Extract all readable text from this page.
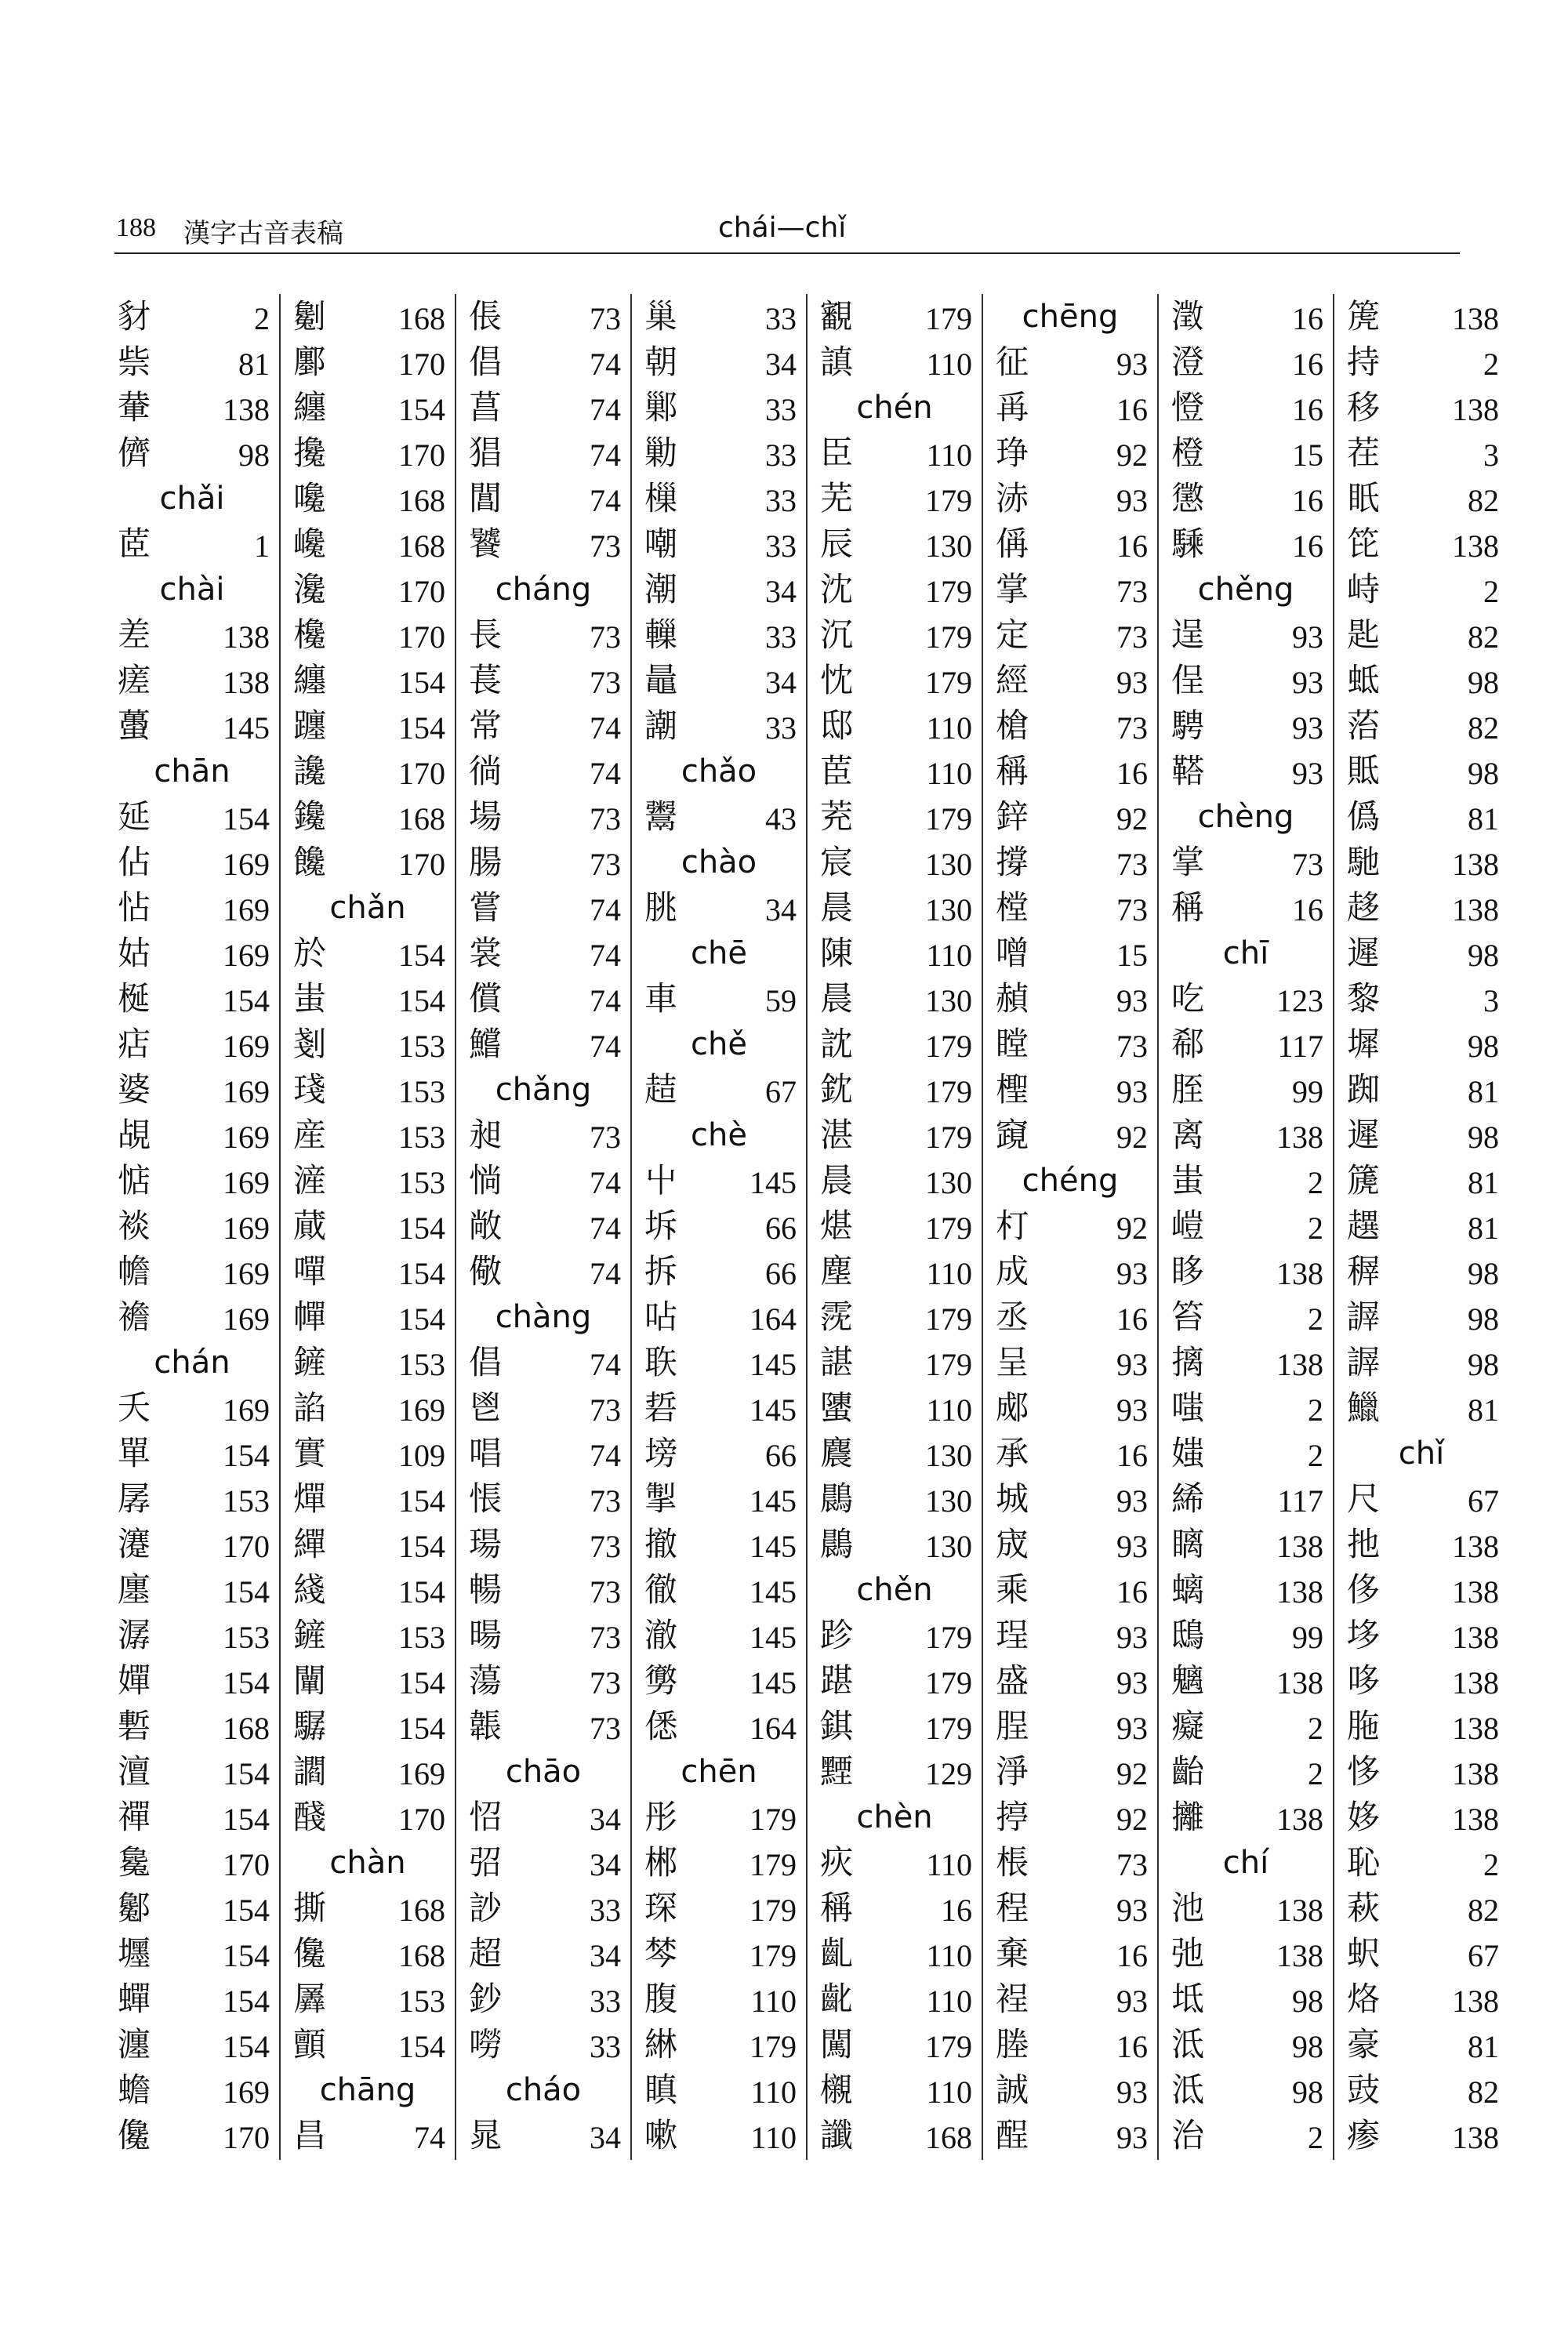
188 漢字古音表稿	chái—chǐ
豺	2
祡	81
輂 138
儕	98
chǎi
茝	1
chài
差 138
瘥 138
蠆 145
chān
延 154
佔 169
怗 169
姑 169
梴 154
痁 169
婆 169
覘 169
惦 169
裧 169
幨 169
襜 169
chán
夭 169
單 154
孱 153
瀽 170
廛 154
潺 153
嬋 154
磛 168
澶 154
禪 154
毚 170
酁 154
壥 154
蟬 154
瀍 154
蟾 169
儳 170
劖 168
鄽 170
纏 154
攙 170
嚵 168
巉 168
瀺 170
欃 170
纏 154
躔 154
讒 170
鑱 168
饞 170
chǎn
於 154
蚩 154
剗 153
琖 153
産 153
滻 153
蕆 154
嘽 154
幝 154
鏟 153
諂 169
實 109
燀 154
繟 154
綫 154
鏟 153
闡 154
驏 154
讇 169
醆 170
chàn
撕 168
儳 168
羼 153
顫 154
chāng
昌	74
倀	73
倡	74
菖	74
猖	74
閶	74
饕	73
cháng
長	73
萇	73
常	74
徜	74
場	73
腸	73
嘗	74
裳	74
償	74
鱨	74
chǎng
昶	73
惝	74
敞	74
儆	74
chàng
倡	74
鬯	73
唱	74
悵	73
瑒	73
暢	73
暘	73
蕩	73
韔	73
chāo
怊	34
弨	34
訬	33
超	34
鈔	33
嘮	33
cháo
晁	34
巢	33
朝	34
鄛	33
勦	33
樔	33
嘲	33
潮	34
轈	33
鼂	34
謿	33
chǎo
鬻	43
chào
朓	34
chē
車	59
chě
趌	67
chè
屮 145
坼	66
拆	66
呫 164
聅 145
硩 145
塝	66
掣 145
撤 145
徹 145
澈 145
勶 145
僁 164
chēn
彤 179
郴 179
琛 179
棽 179
腹 110
綝 179
瞋 110
嗽 110
覾 179
謓 110
chén
臣 110
芜 179
辰 130
沈 179
沉 179
忱 179
邸 110
茞 110
茺 179
宸 130
晨 130
陳 110
晨 130
訦 179
鈂 179
湛 179
晨 130
煁 179
塵 110
霃 179
諶 179
螴 110
麎 130
鷐 130
鷐 130
chěn
跈 179
踸 179
錤 179
黫 129
chèn
疢 110
稱	16
齓 110
齔 110
闖 179
櫬 110
讖 168
chēng
征	93
爯	16
琤	92
浾	93
偁	16
掌	73
定	73
經	93
槍	73
稱	16
鋅	92
撐	73
樘	73
噌	15
赬	93
瞠	73
檉	93
竀	92
chéng
朾	92
成	93
丞	16
呈	93
郕	93
承	16
城	93
宬	93
乘	16
珵	93
盛	93
脭	93
淨	92
揨	92
棖	73
程	93
棄	16
裎	93
塍	16
誠	93
酲	93
澂	16
澄	16
憕	16
橙	15
懲	16
騬	16
chěng
逞	93
侱	93
騁	93
鞳	93
chèng
掌	73
稱	16
chī
吃 123
郗 117
胵	99
离 138
蚩	2
嵦	2
眵 138
笞	2
摛 138
嗤	2
媸	2
絺 117
瞝 138
螭 138
鴟	99
魑 138
癡	2
齝	2
攡 138
chí
池 138
弛 138
坻	98
泜	98
泜	98
治	2
箎 138
持	2
移 138
茬	3
眂	82
笓 138
峙	2
匙	82
蚳	98
菭	82
貾	98
僞	81
馳 138
趍 138
遲	98
黎	3
墀	98
踟	81
遲	98
篪	81
趩	81
稺	98
謘	98
謘	98
鱲	81
chǐ
尺	67
扡 138
侈 138
垑 138
哆 138
胣 138
恀 138
姼 138
恥	2
萩	82
蚇	67
烙 138
豪	81
豉	82
瘆 138
